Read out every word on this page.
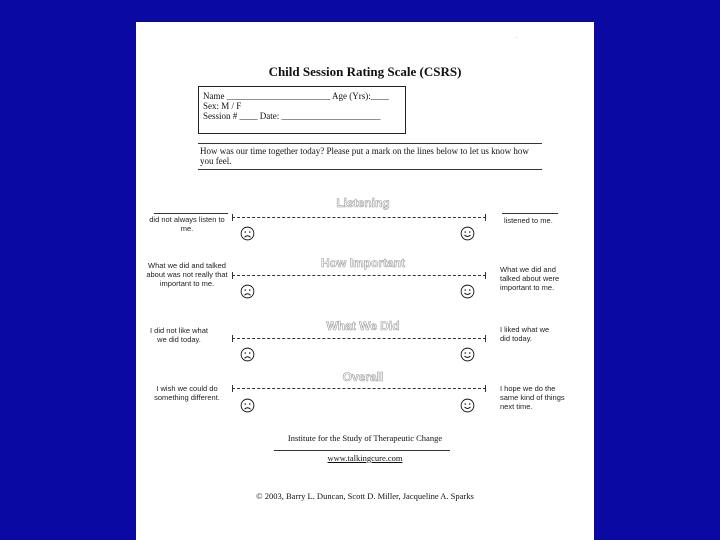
.
Child Session Rating Scale (CSRS)
Name _______________________ Age (Yrs):____
Sex: M / F
Session # ____ Date: ______________________
How was our time together today? Please put a mark on the lines below to let us know how you feel.
Listening
did not always listen to me.
listened to me.
How Important
What we did and talked about was not really that important to me.
What we did and talked about were important to me.
What We Did
I did not like what we did today.
I liked what we did today.
Overall
I wish we could do something different.
I hope we do the same kind of things next time.
Institute for the Study of Therapeutic Change
www.talkingcure.com
© 2003, Barry L. Duncan, Scott D. Miller, Jacqueline A. Sparks
